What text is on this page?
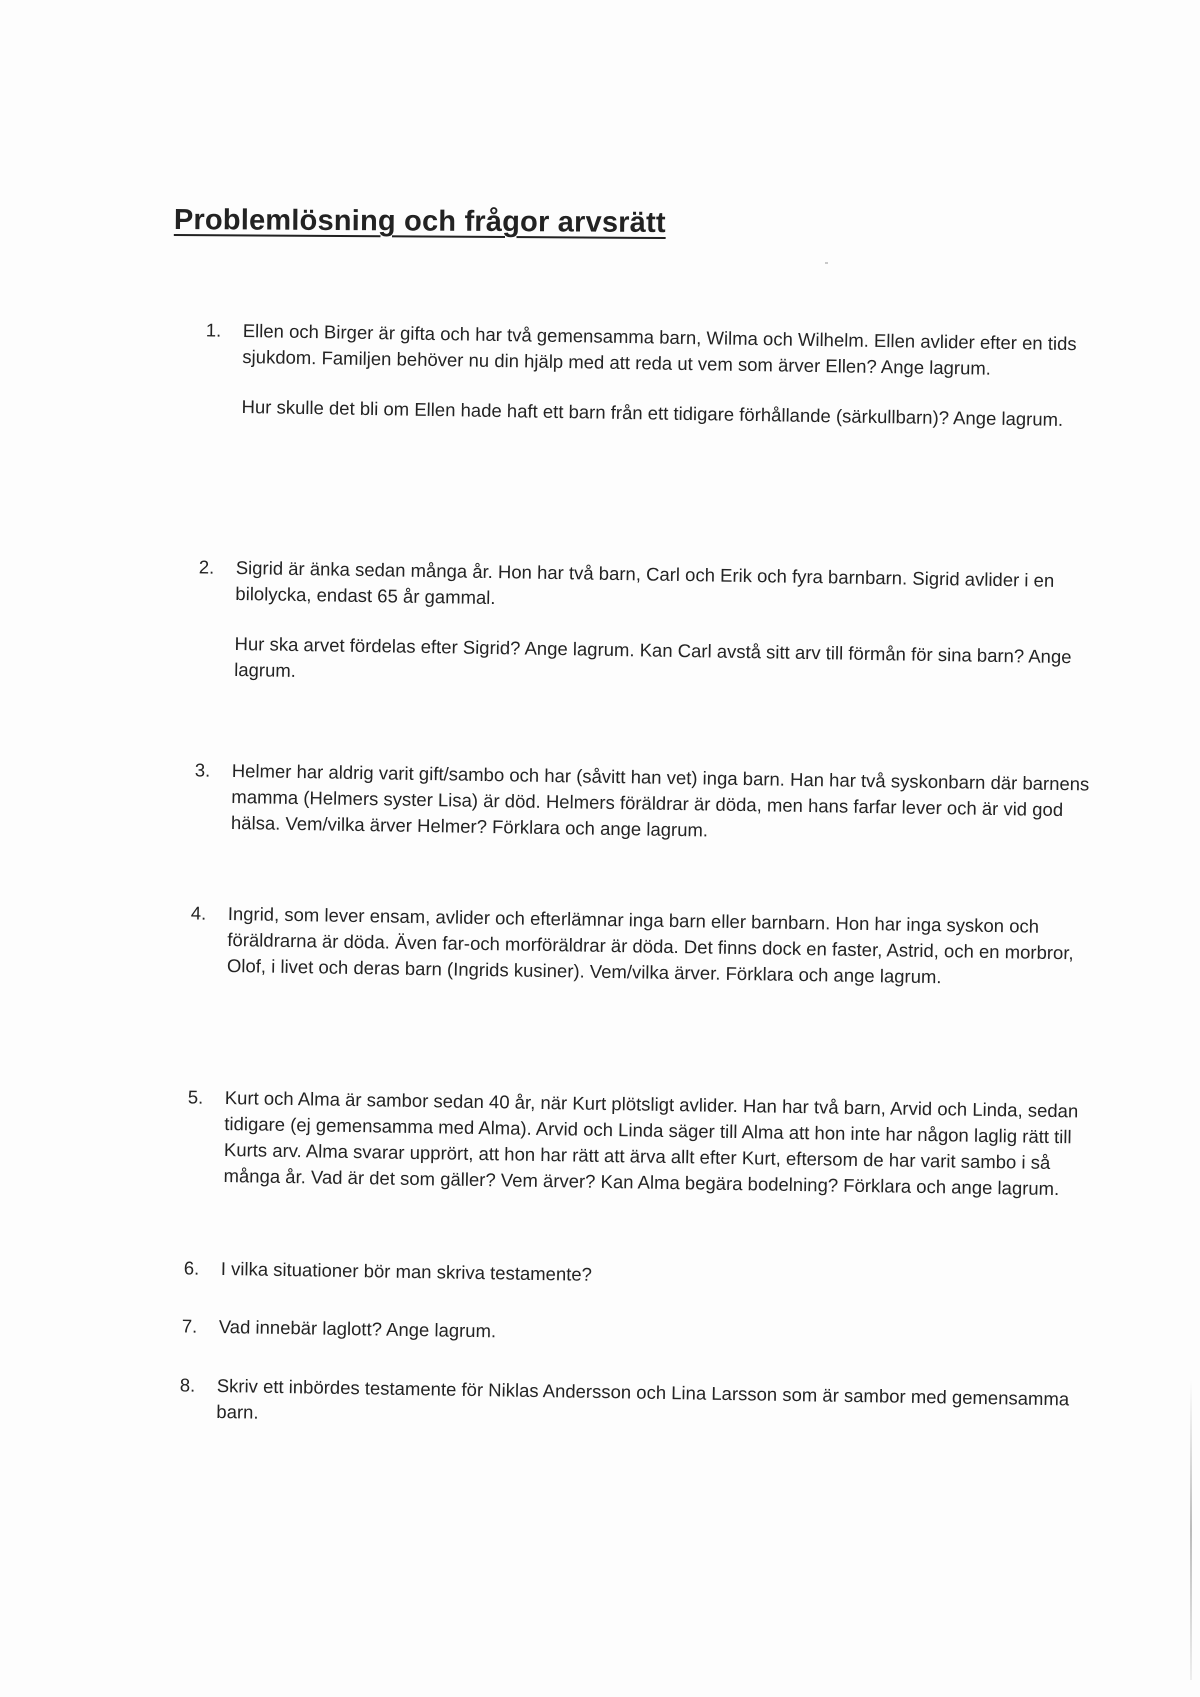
Problemlösning och frågor arvsrätt
1. Ellen och Birger är gifta och har två gemensamma barn, Wilma och Wilhelm. Ellen avlider efter en tids sjukdom. Familjen behöver nu din hjälp med att reda ut vem som ärver Ellen? Ange lagrum.

Hur skulle det bli om Ellen hade haft ett barn från ett tidigare förhållande (särkullbarn)? Ange lagrum.

2. Sigrid är änka sedan många år. Hon har två barn, Carl och Erik och fyra barnbarn. Sigrid avlider i en bilolycka, endast 65 år gammal.

Hur ska arvet fördelas efter Sigrid? Ange lagrum. Kan Carl avstå sitt arv till förmån för sina barn? Ange lagrum.

3. Helmer har aldrig varit gift/sambo och har (såvitt han vet) inga barn. Han har två syskonbarn där barnens mamma (Helmers syster Lisa) är död. Helmers föräldrar är döda, men hans farfar lever och är vid god hälsa. Vem/vilka ärver Helmer? Förklara och ange lagrum.

4. Ingrid, som lever ensam, avlider och efterlämnar inga barn eller barnbarn. Hon har inga syskon och föräldrarna är döda. Även far-och morföräldrar är döda. Det finns dock en faster, Astrid, och en morbror, Olof, i livet och deras barn (Ingrids kusiner). Vem/vilka ärver. Förklara och ange lagrum.

5. Kurt och Alma är sambor sedan 40 år, när Kurt plötsligt avlider. Han har två barn, Arvid och Linda, sedan tidigare (ej gemensamma med Alma). Arvid och Linda säger till Alma att hon inte har någon laglig rätt till Kurts arv. Alma svarar upprört, att hon har rätt att ärva allt efter Kurt, eftersom de har varit sambo i så många år. Vad är det som gäller? Vem ärver? Kan Alma begära bodelning? Förklara och ange lagrum.

6. I vilka situationer bör man skriva testamente?

7. Vad innebär laglott? Ange lagrum.

8. Skriv ett inbördes testamente för Niklas Andersson och Lina Larsson som är sambor med gemensamma barn.
